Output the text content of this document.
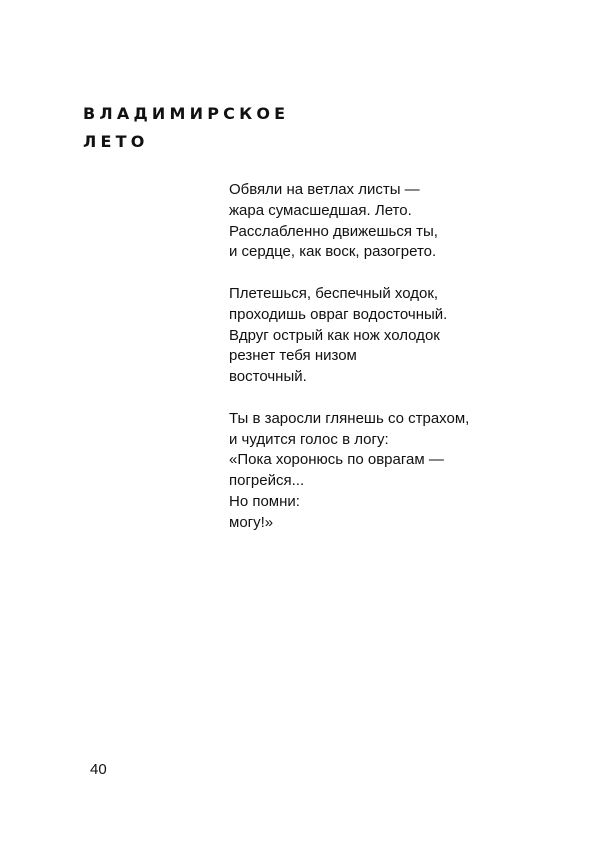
ВЛАДИМИРСКОЕ
ЛЕТО
Обвяли на ветлах листы —
жара сумасшедшая. Лето.
Расслабленно движешься ты,
и сердце, как воск, разогрето.
Плетешься, беспечный ходок,
проходишь овраг водосточный.
Вдруг острый как нож холодок
резнет тебя низом
восточный.
Ты в заросли глянешь со страхом,
и чудится голос в логу:
«Пока хоронюсь по оврагам —
погрейся...
Но помни:
могу!»
40
